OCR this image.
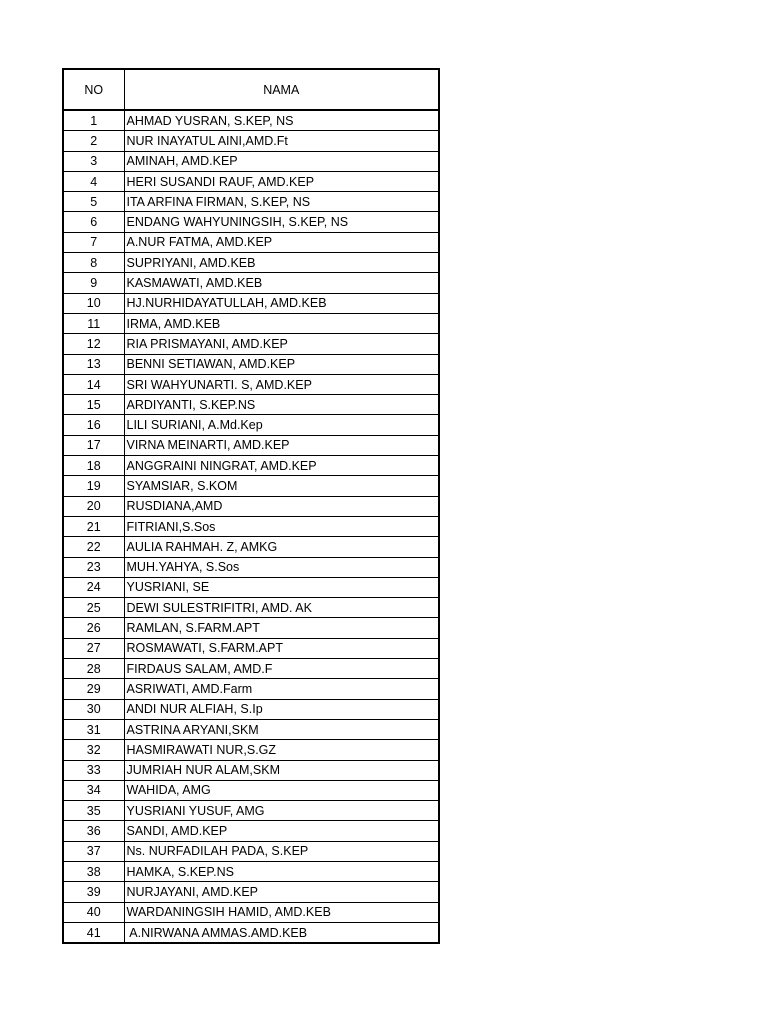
NO	NAMA
1	AHMAD YUSRAN, S.KEP, NS
2	NUR INAYATUL AINI,AMD.Ft
3	AMINAH, AMD.KEP
4	HERI SUSANDI RAUF, AMD.KEP
5	ITA ARFINA FIRMAN, S.KEP, NS
6	ENDANG WAHYUNINGSIH, S.KEP, NS
7	A.NUR FATMA, AMD.KEP
8	SUPRIYANI, AMD.KEB
9	KASMAWATI, AMD.KEB
10	HJ.NURHIDAYATULLAH, AMD.KEB
11	IRMA, AMD.KEB
12	RIA PRISMAYANI, AMD.KEP
13	BENNI SETIAWAN, AMD.KEP
14	SRI WAHYUNARTI. S, AMD.KEP
15	ARDIYANTI, S.KEP.NS
16	LILI SURIANI, A.Md.Kep
17	VIRNA MEINARTI, AMD.KEP
18	ANGGRAINI NINGRAT, AMD.KEP
19	SYAMSIAR, S.KOM
20	RUSDIANA,AMD
21	FITRIANI,S.Sos
22	AULIA RAHMAH. Z, AMKG
23	MUH.YAHYA, S.Sos
24	YUSRIANI, SE
25	DEWI SULESTRIFITRI, AMD. AK
26	RAMLAN, S.FARM.APT
27	ROSMAWATI, S.FARM.APT
28	FIRDAUS SALAM, AMD.F
29	ASRIWATI, AMD.Farm
30	ANDI NUR ALFIAH, S.Ip
31	ASTRINA ARYANI,SKM
32	HASMIRAWATI NUR,S.GZ
33	JUMRIAH NUR ALAM,SKM
34	WAHIDA, AMG
35	YUSRIANI YUSUF, AMG
36	SANDI, AMD.KEP
37	Ns. NURFADILAH PADA, S.KEP
38	HAMKA, S.KEP.NS
39	NURJAYANI, AMD.KEP
40	WARDANINGSIH HAMID, AMD.KEB
41	A.NIRWANA AMMAS.AMD.KEB
